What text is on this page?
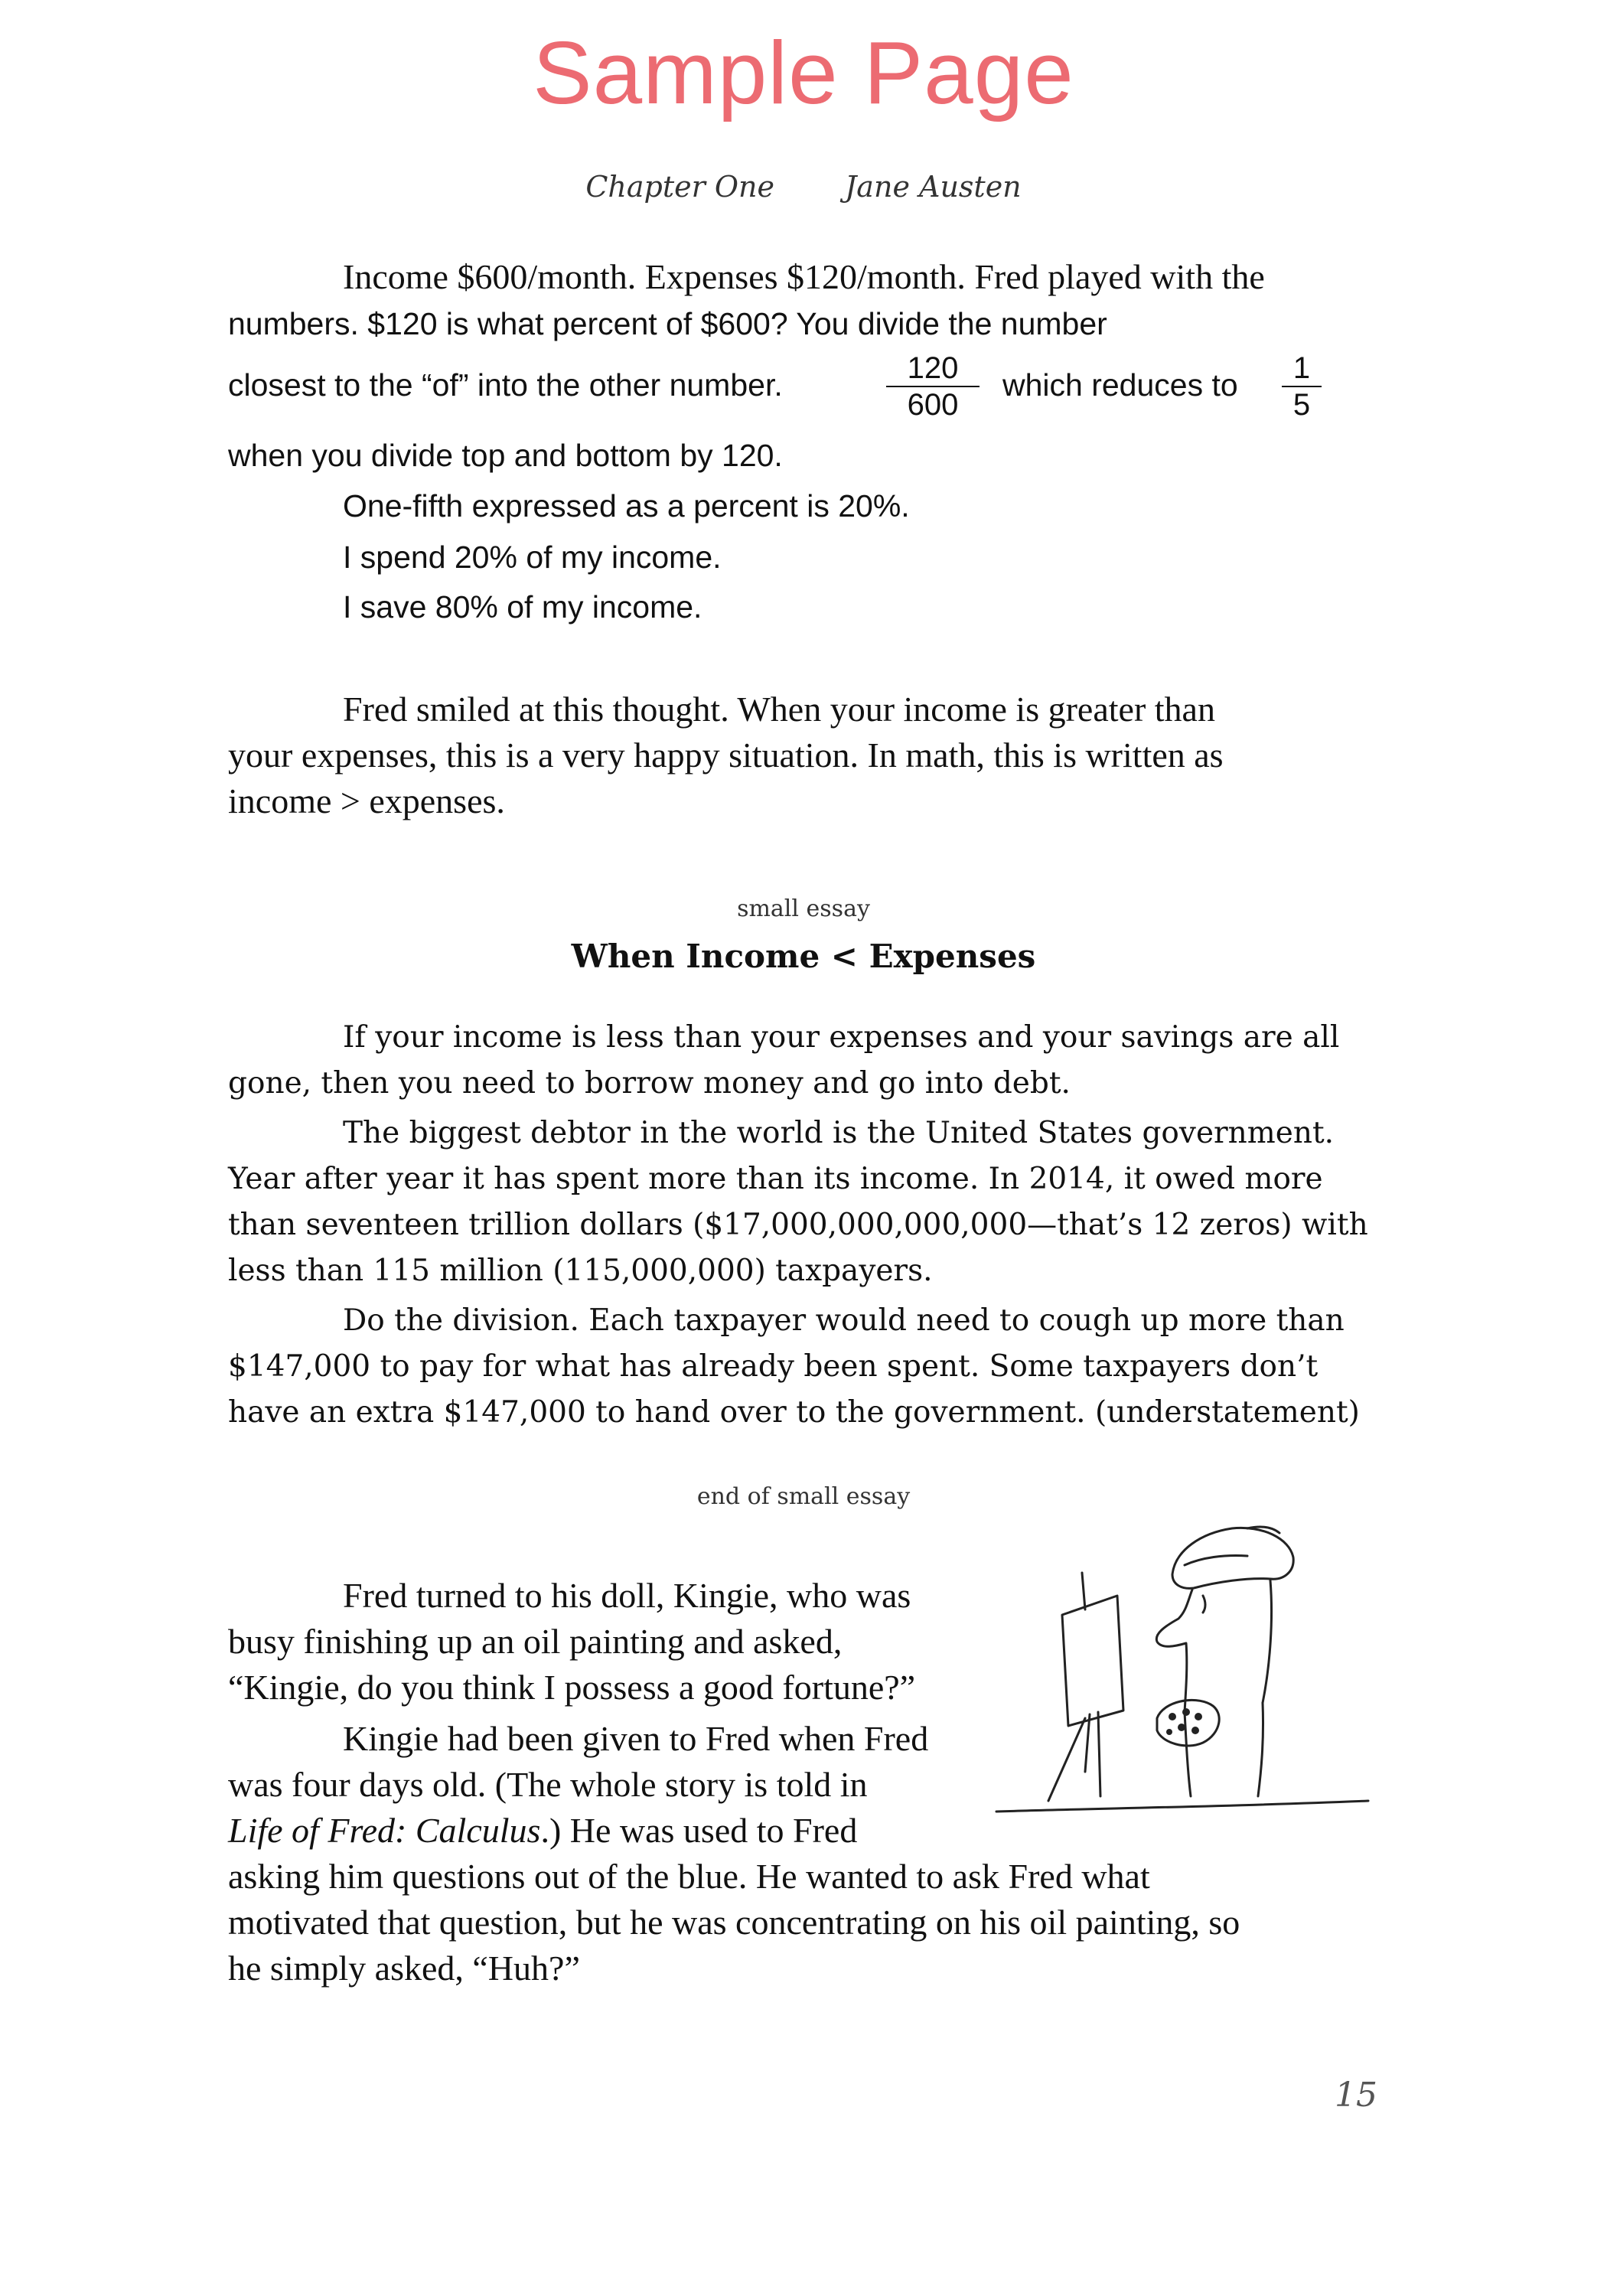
Sample Page
Chapter One Jane Austen
Income $600/month. Expenses $120/month. Fred played with the
numbers. $120 is what percent of $600? You divide the number
closest to the “of” into the other number.	120
600
which reduces to	1
5
when you divide top and bottom by 120.
One-fifth expressed as a percent is 20%.
I spend 20% of my income.
I save 80% of my income.
Fred smiled at this thought. When your income is greater than
your expenses, this is a very happy situation. In math, this is written as
income > expenses.
small essay
When Income < Expenses
If your income is less than your expenses and your savings are all
gone, then you need to borrow money and go into debt.
The biggest debtor in the world is the United States government.
Year after year it has spent more than its income. In 2014, it owed more
than seventeen trillion dollars ($17,000,000,000,000—that’s 12 zeros) with
less than 115 million (115,000,000) taxpayers.
Do the division. Each taxpayer would need to cough up more than
$147,000 to pay for what has already been spent. Some taxpayers don’t
have an extra $147,000 to hand over to the government. (understatement)
end of small essay
Fred turned to his doll, Kingie, who was
busy finishing up an oil painting and asked,
“Kingie, do you think I possess a good fortune?”
Kingie had been given to Fred when Fred
was four days old. (The whole story is told in
Life of Fred: Calculus.) He was used to Fred
asking him questions out of the blue. He wanted to ask Fred what
motivated that question, but he was concentrating on his oil painting, so
he simply asked, “Huh?”
15
